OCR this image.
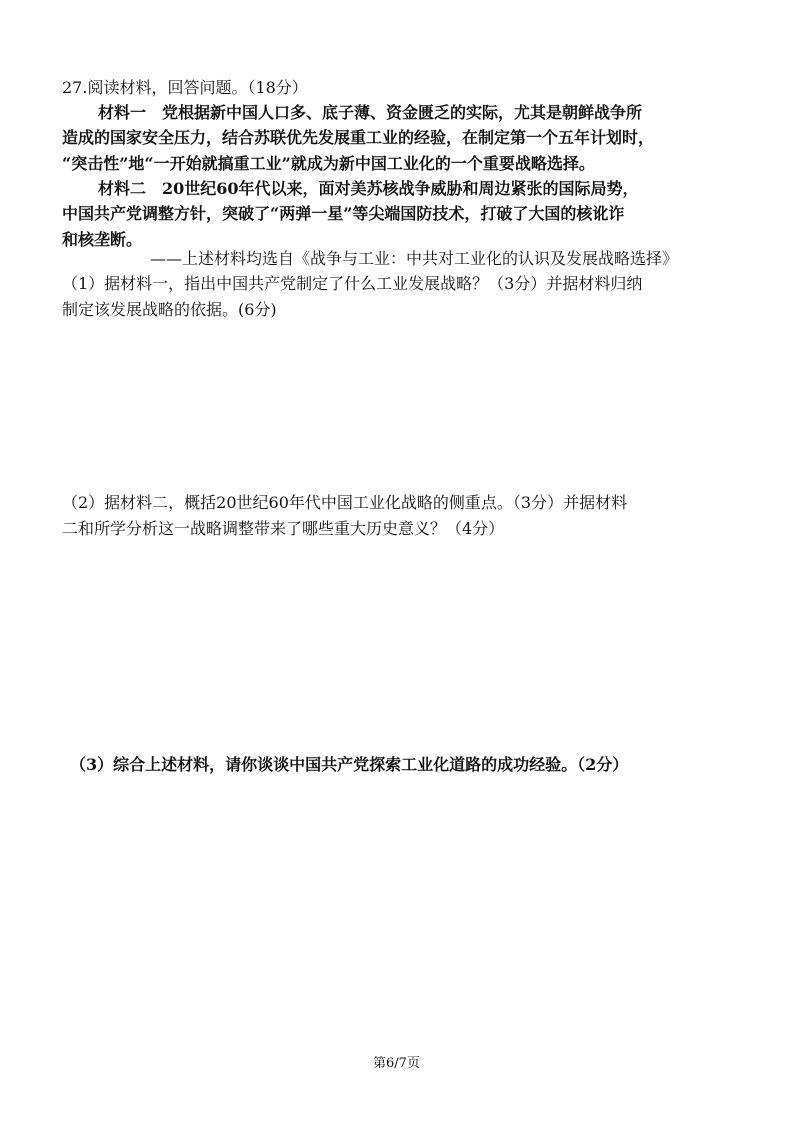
27.阅读材料，回答问题。（18分）
材料一　党根据新中国人口多、底子薄、资金匮乏的实际，尤其是朝鲜战争所
造成的国家安全压力，结合苏联优先发展重工业的经验，在制定第一个五年计划时，
“突击性”地“一开始就搞重工业”就成为新中国工业化的一个重要战略选择。
材料二　20世纪60年代以来，面对美苏核战争威胁和周边紧张的国际局势，
中国共产党调整方针，突破了“两弹一星”等尖端国防技术，打破了大国的核讹诈
和核垄断。
——上述材料均选自《战争与工业：中共对工业化的认识及发展战略选择》
（1）据材料一，指出中国共产党制定了什么工业发展战略？（3分）并据材料归纳
制定该发展战略的依据。(6分)
（2）据材料二，概括20世纪60年代中国工业化战略的侧重点。（3分）并据材料
二和所学分析这一战略调整带来了哪些重大历史意义？（4分）
（3）综合上述材料，请你谈谈中国共产党探索工业化道路的成功经验。（2分）
第6/7页
